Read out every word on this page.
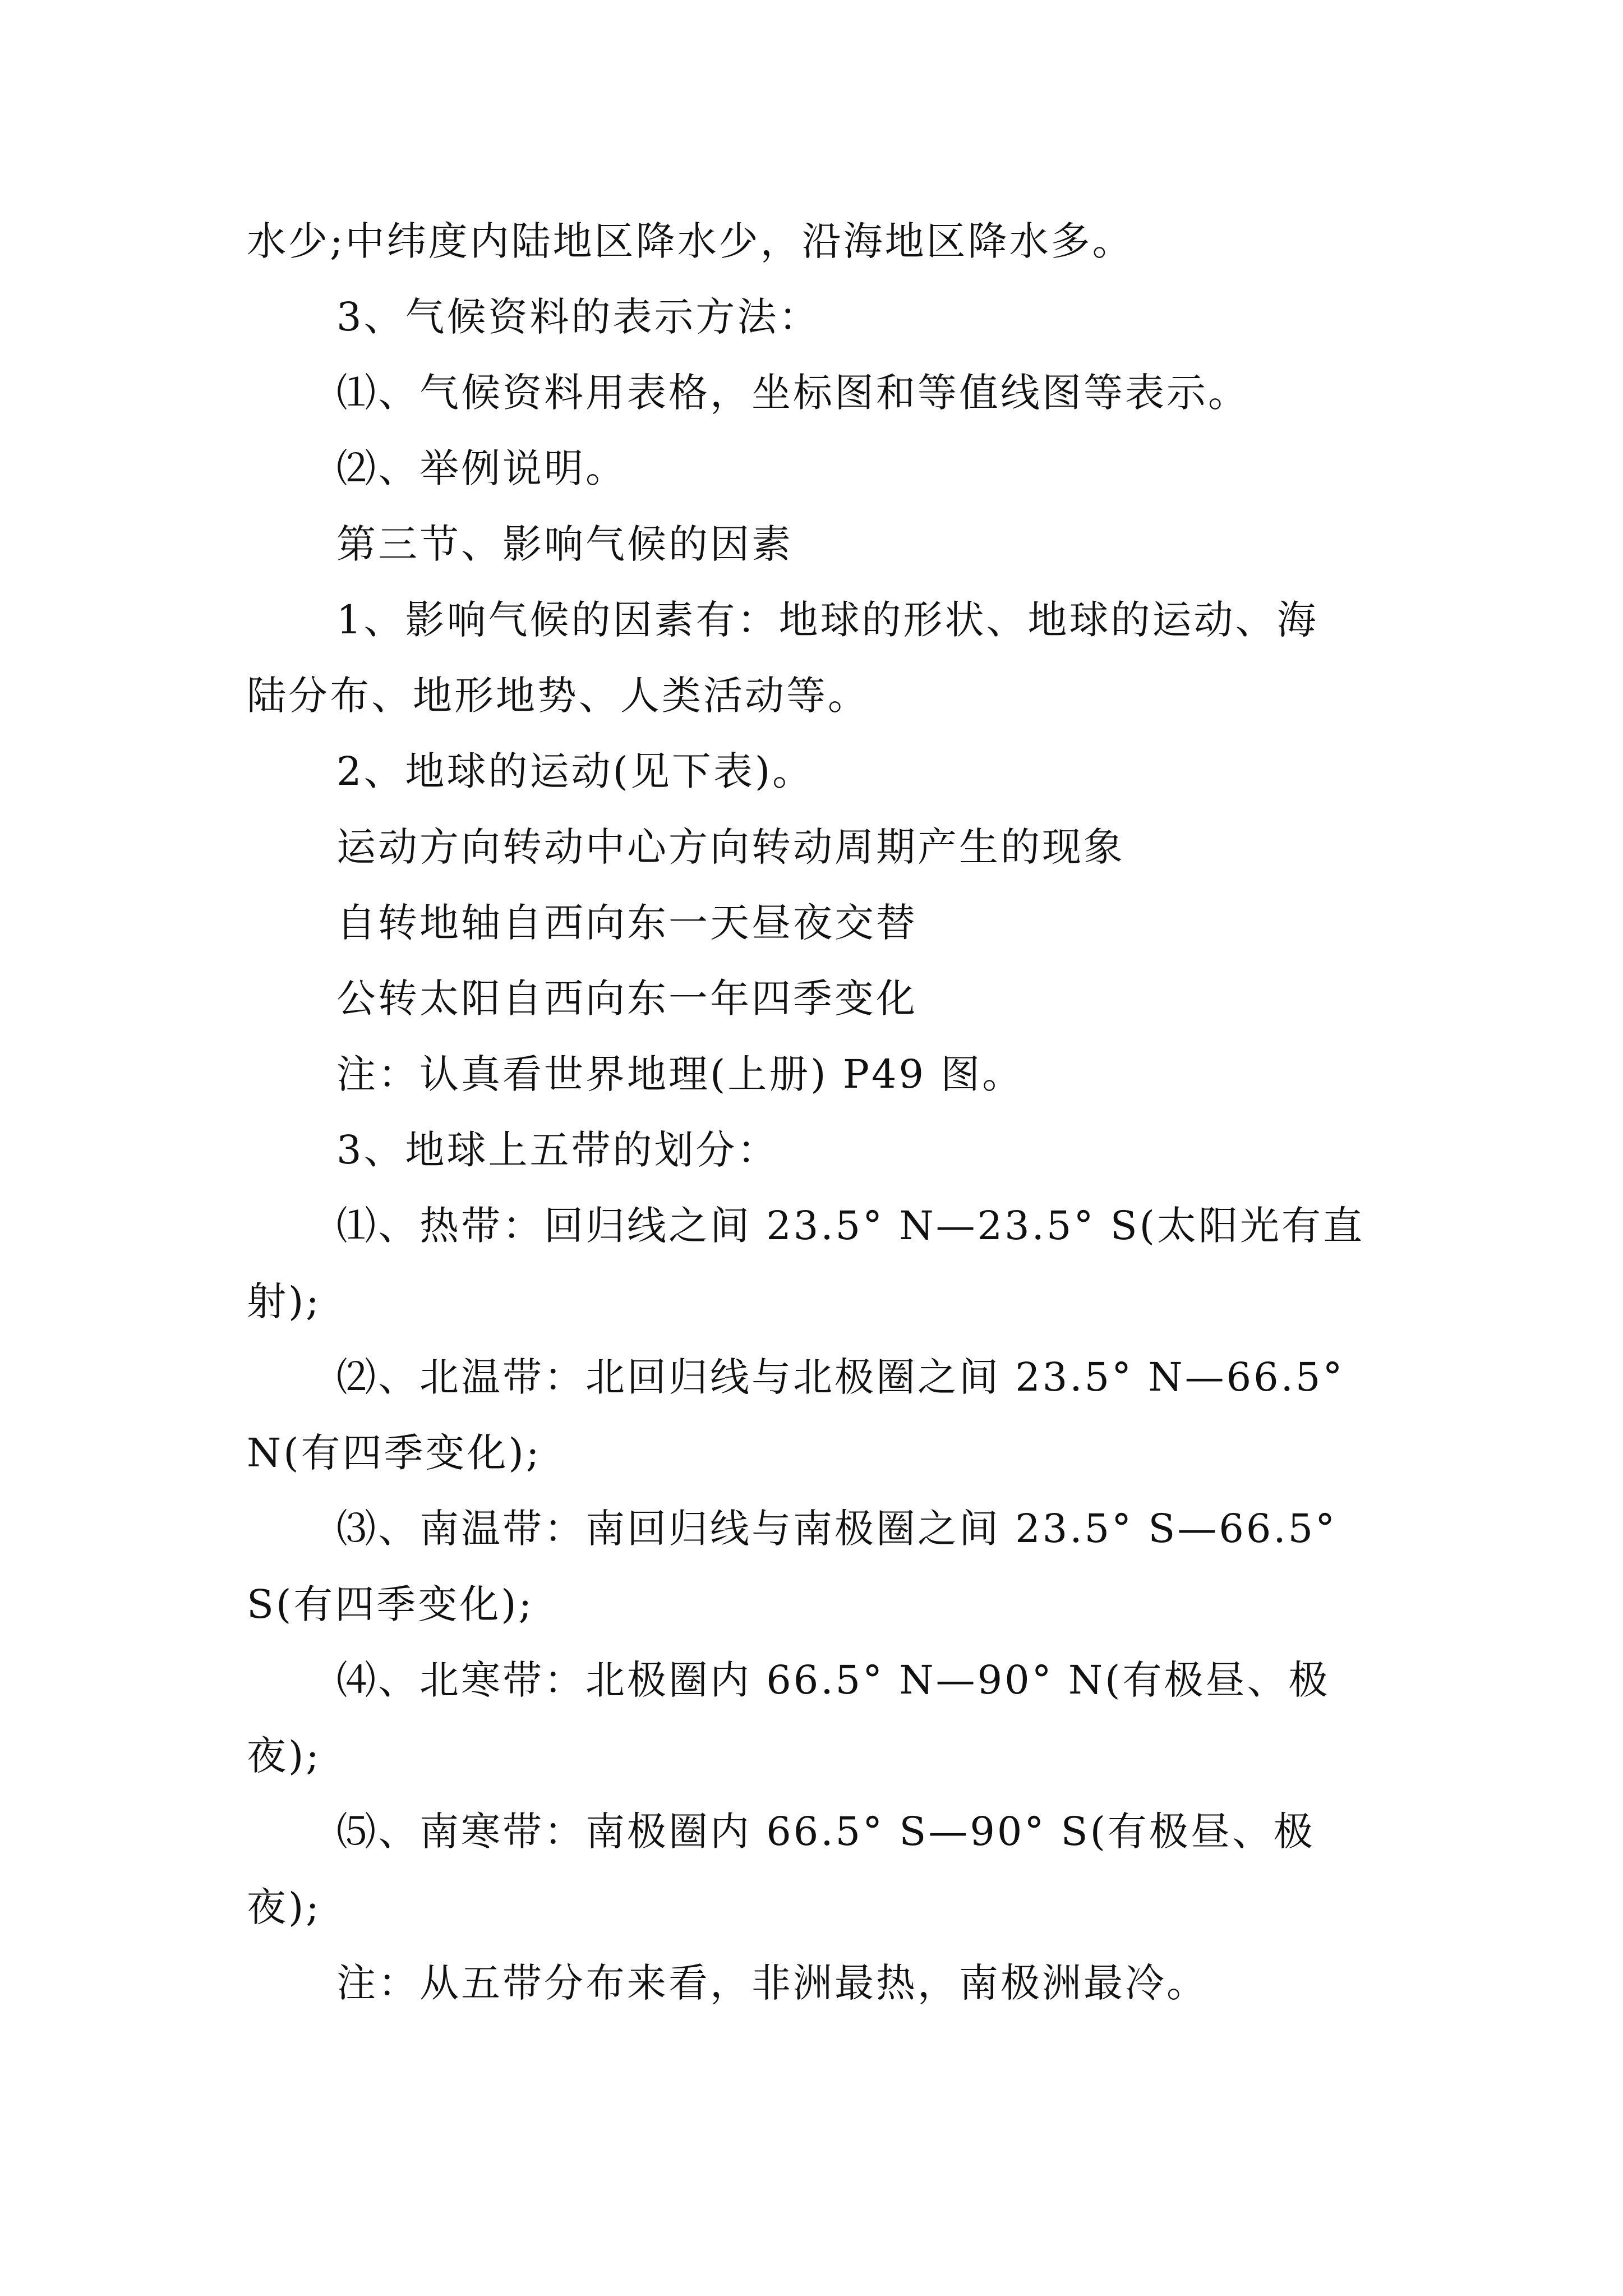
水少;中纬度内陆地区降水少，沿海地区降水多。
3、气候资料的表示方法：
⑴、气候资料用表格，坐标图和等值线图等表示。
⑵、举例说明。
第三节、影响气候的因素
1、影响气候的因素有：地球的形状、地球的运动、海
陆分布、地形地势、人类活动等。
2、地球的运动(见下表)。
运动方向转动中心方向转动周期产生的现象
自转地轴自西向东一天昼夜交替
公转太阳自西向东一年四季变化
注：认真看世界地理(上册) P49 图。
3、地球上五带的划分：
⑴、热带：回归线之间 23.5° N—23.5° S(太阳光有直
射);
⑵、北温带：北回归线与北极圈之间 23.5° N—66.5°
N(有四季变化);
⑶、南温带：南回归线与南极圈之间 23.5° S—66.5°
S(有四季变化);
⑷、北寒带：北极圈内 66.5° N—90° N(有极昼、极
夜);
⑸、南寒带：南极圈内 66.5° S—90° S(有极昼、极
夜);
注：从五带分布来看，非洲最热，南极洲最冷。
